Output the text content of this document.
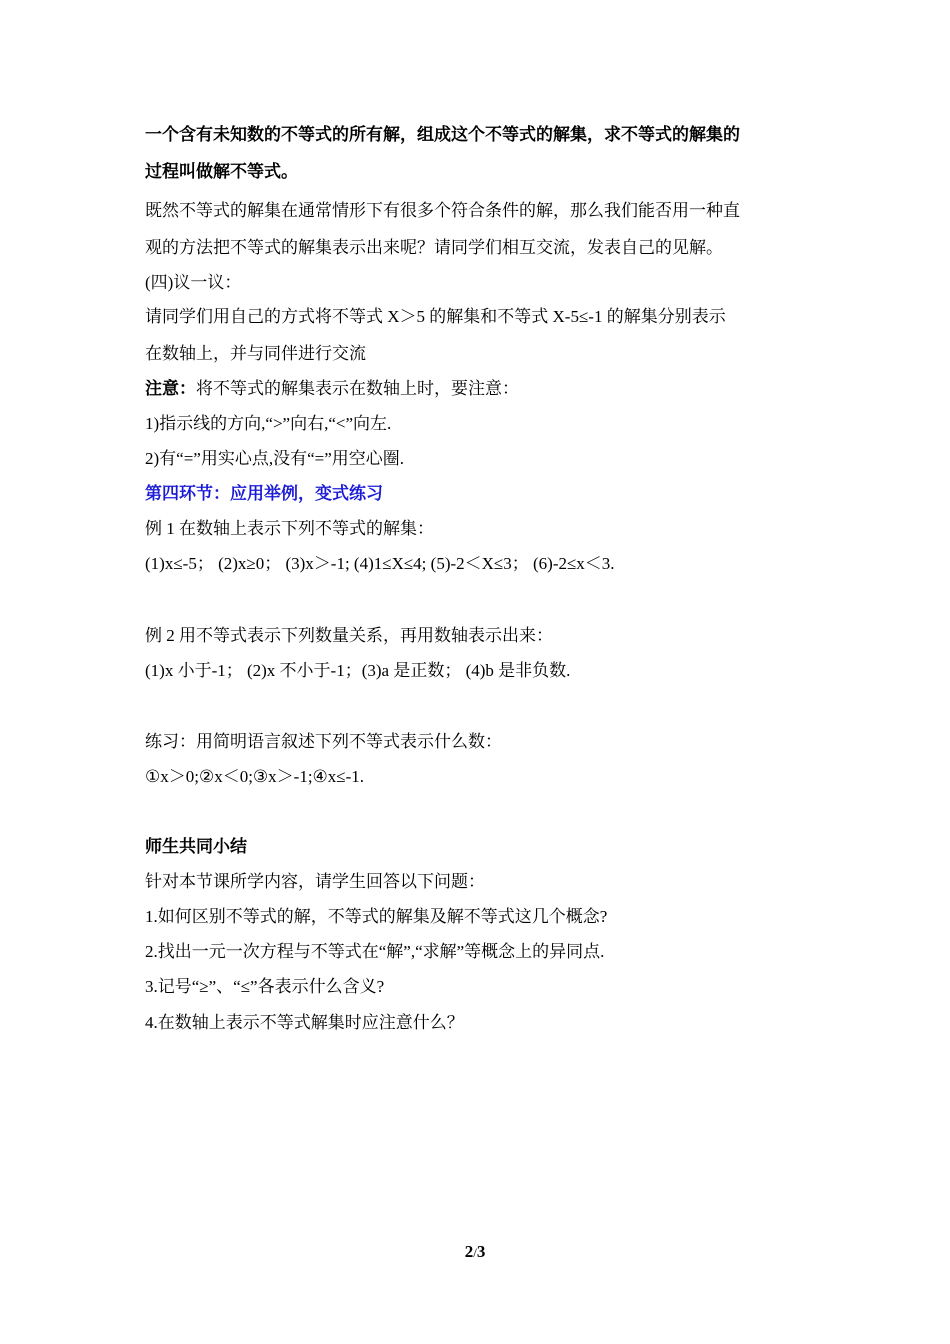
一个含有未知数的不等式的所有解，组成这个不等式的解集，求不等式的解集的
过程叫做解不等式。
既然不等式的解集在通常情形下有很多个符合条件的解，那么我们能否用一种直
观的方法把不等式的解集表示出来呢？请同学们相互交流，发表自己的见解。
(四)议一议：
请同学们用自己的方式将不等式 X＞5 的解集和不等式 X-5≤-1 的解集分别表示
在数轴上，并与同伴进行交流
注意：将不等式的解集表示在数轴上时，要注意：
1)指示线的方向,“>”向右,“<”向左.
2)有“=”用实心点,没有“=”用空心圈.
第四环节：应用举例，变式练习
例 1 在数轴上表示下列不等式的解集：
(1)x≤-5； (2)x≥0； (3)x＞-1; (4)1≤X≤4; (5)-2＜X≤3； (6)-2≤x＜3.
例 2 用不等式表示下列数量关系，再用数轴表示出来：
(1)x 小于-1； (2)x 不小于-1；(3)a 是正数； (4)b 是非负数.
练习：用简明语言叙述下列不等式表示什么数：
①x＞0;②x＜0;③x＞-1;④x≤-1.
师生共同小结
针对本节课所学内容，请学生回答以下问题：
1.如何区别不等式的解，不等式的解集及解不等式这几个概念?
2.找出一元一次方程与不等式在“解”,“求解”等概念上的异同点.
3.记号“≥”、“≤”各表示什么含义?
4.在数轴上表示不等式解集时应注意什么？
2/3
